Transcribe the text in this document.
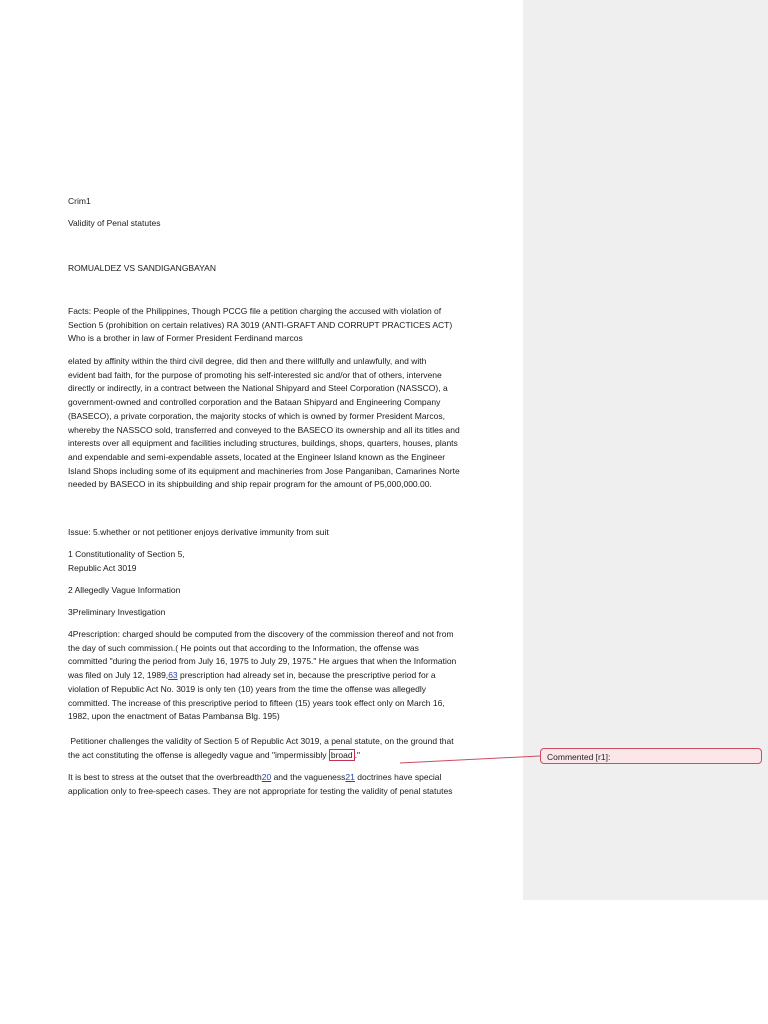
Crim1
Validity of Penal statutes
ROMUALDEZ VS SANDIGANGBAYAN

Facts: People of the Philippines, Though PCCG file a petition charging the accused with violation of

Section 5 (prohibition on certain relatives) RA 3019 (ANTI-GRAFT AND CORRUPT PRACTICES ACT)

Who is a brother in law of Former President Ferdinand marcos

elated by affinity within the third civil degree, did then and there willfully and unlawfully, and with

evident bad faith, for the purpose of promoting his self-interested sic and/or that of others, intervene

directly or indirectly, in a contract between the National Shipyard and Steel Corporation (NASSCO), a

government-owned and controlled corporation and the Bataan Shipyard and Engineering Company

(BASECO), a private corporation, the majority stocks of which is owned by former President Marcos,

whereby the NASSCO sold, transferred and conveyed to the BASECO its ownership and all its titles and

interests over all equipment and facilities including structures, buildings, shops, quarters, houses, plants

and expendable and semi-expendable assets, located at the Engineer Island known as the Engineer

Island Shops including some of its equipment and machineries from Jose Panganiban, Camarines Norte

needed by BASECO in its shipbuilding and ship repair program for the amount of P5,000,000.00.

Issue: 5.whether or not petitioner enjoys derivative immunity from suit

1 Constitutionality of Section 5,

Republic Act 3019

2 Allegedly Vague Information
3Preliminary Investigation

4Prescription: charged should be computed from the discovery of the commission thereof and not from

the day of such commission.( He points out that according to the Information, the offense was

committed "during the period from July 16, 1975 to July 29, 1975." He argues that when the Information

was filed on July 12, 1989,63 prescription had already set in, because the prescriptive period for a

violation of Republic Act No. 3019 is only ten (10) years from the time the offense was allegedly

committed. The increase of this prescriptive period to fifteen (15) years took effect only on March 16,

1982, upon the enactment of Batas Pambansa Blg. 195)

Petitioner challenges the validity of Section 5 of Republic Act 3019, a penal statute, on the ground that

the act constituting the offense is allegedly vague and "impermissibly broad ."

It is best to stress at the outset that the overbreadth20 and the vagueness21 doctrines have special

application only to free-speech cases. They are not appropriate for testing the validity of penal statutes

Commented [r1]:
